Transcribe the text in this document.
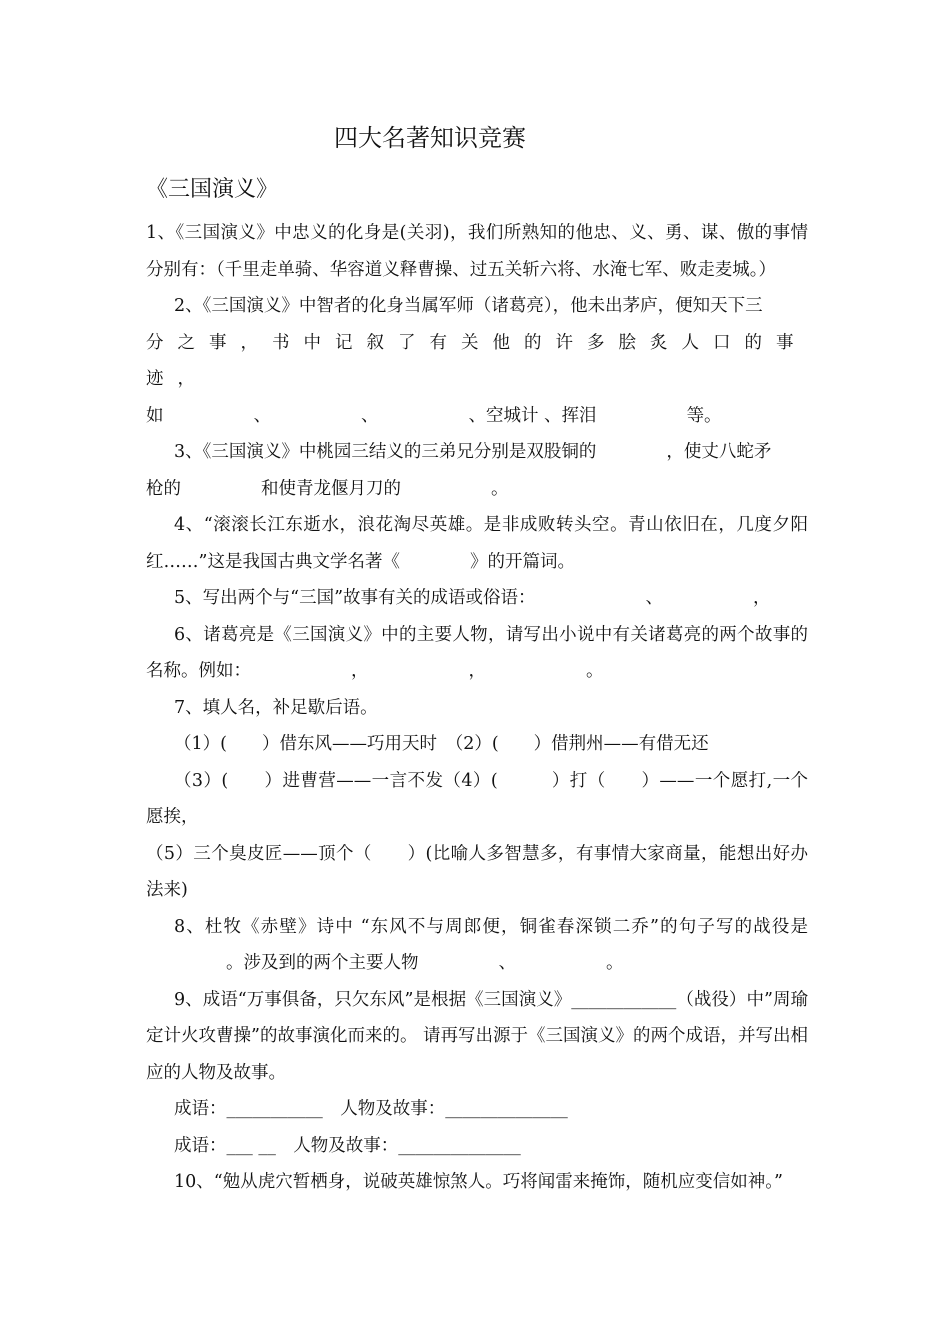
四大名著知识竞赛
《三国演义》

1、《三国演义》中忠义的化身是(关羽)，我们所熟知的他忠、义、勇、谋、傲的事情分别有：（千里走单骑、华容道义释曹操、过五关斩六将、水淹七军、败走麦城。）

2、《三国演义》中智者的化身当属军师（诸葛亮），他未出茅庐，便知天下三

分之事，书中记叙了有关他的许多脍炙人口的事迹，

如	、	、	、空城计 、挥泪	等。

3、《三国演义》中桃园三结义的三弟兄分别是双股铜的	，使丈八蛇矛
枪的	和使青龙偃月刀的	。

4、“滚滚长江东逝水，浪花淘尽英雄。是非成败转头空。青山依旧在，几度夕阳红……”这是我国古典文学名著《	》的开篇词。

5、写出两个与“三国”故事有关的成语或俗语：	、	，

6、诸葛亮是《三国演义》中的主要人物，请写出小说中有关诸葛亮的两个故事的名称。例如：	，	，	。

7、填人名，补足歇后语。

（1）(　　）借东风——巧用天时　（2）(　　）借荆州——有借无还

（3）(　　）进曹营——一言不发（4）(　　　）打（　　）——一个愿打,一个愿挨，

（5）三个臭皮匠——顶个（　　）(比喻人多智慧多，有事情大家商量，能想出好办法来)

8、杜牧《赤壁》诗中 “东风不与周郎便，铜雀春深锁二乔”的句子写的战役是。涉及到的两个主要人物	、	。

9、成语“万事俱备，只欠东风”是根据《三国演义》____________（战役）中”周瑜定计火攻曹操”的故事演化而来的。 请再写出源于《三国演义》的两个成语，并写出相应的人物及故事。

成语：___________　人物及故事：______________

成语：___ __　人物及故事：______________

10、“勉从虎穴暂栖身，说破英雄惊煞人。巧将闻雷来掩饰，随机应变信如神。”
